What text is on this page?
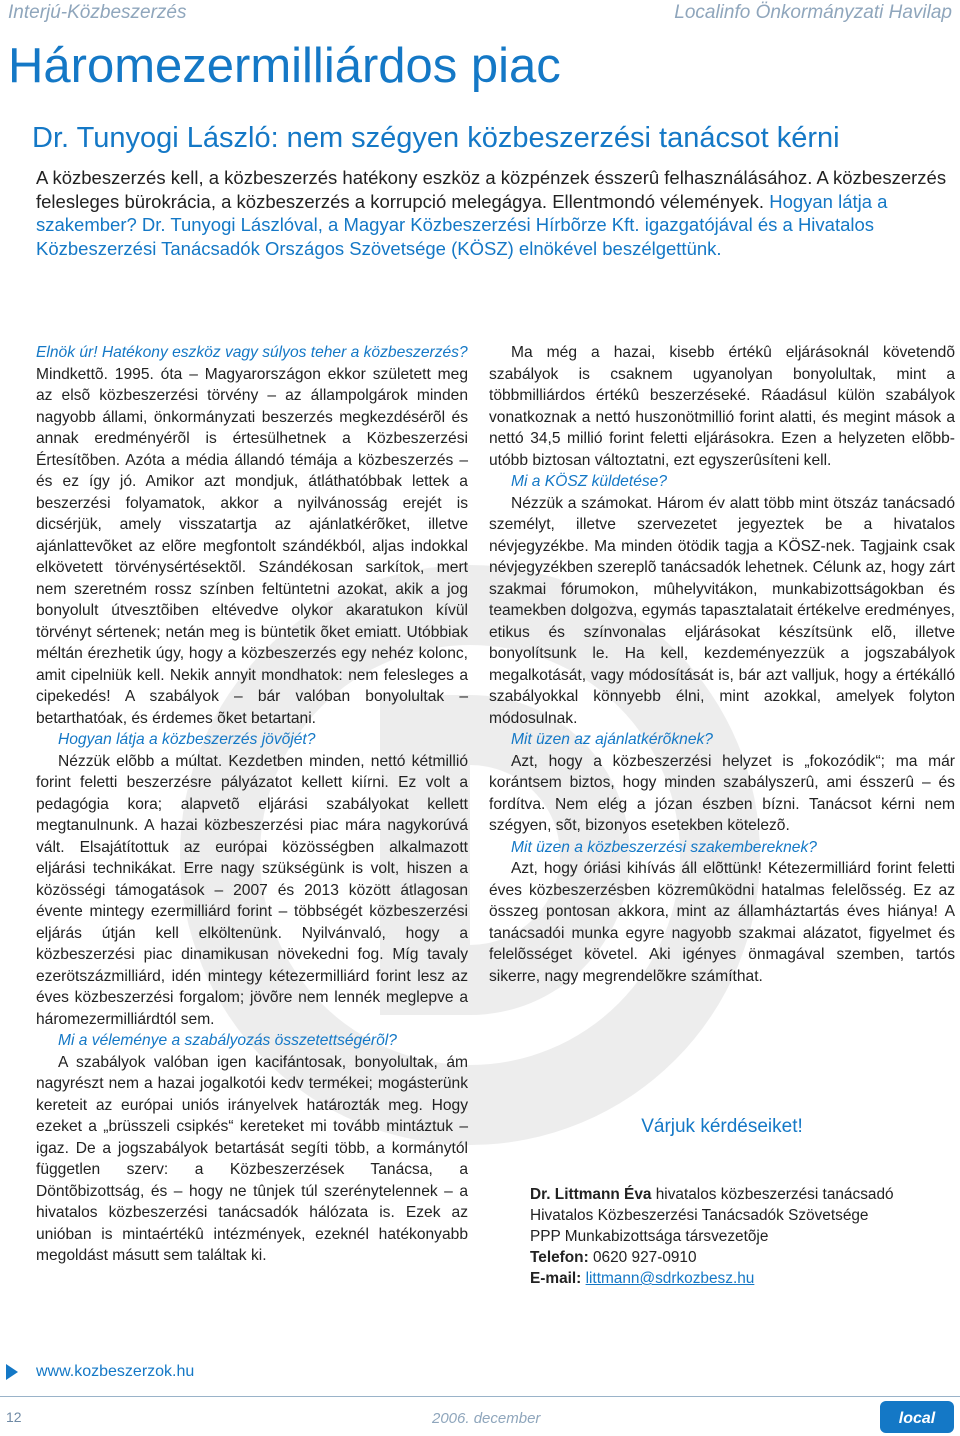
Interjú-Közbeszerzés	Localinfo Önkormányzati Havilap
Háromezermilliárdos piac
Dr. Tunyogi László: nem szégyen közbeszerzési tanácsot kérni
A közbeszerzés kell, a közbeszerzés hatékony eszköz a közpénzek ésszerû felhasználásához. A közbeszerzés felesleges bürokrácia, a közbeszerzés a korrupció melegágya. Ellentmondó vélemények. Hogyan látja a szakember? Dr. Tunyogi Lászlóval, a Magyar Közbeszerzési Hírbõrze Kft. igazgatójával és a Hivatalos Közbeszerzési Tanácsadók Országos Szövetsége (KÖSZ) elnökével beszélgettünk.
Elnök úr! Hatékony eszköz vagy súlyos teher a közbeszerzés?

Mindkettõ. 1995. óta – Magyarországon ekkor született meg az elsõ közbeszerzési törvény – az állampolgárok minden nagyobb állami, önkormányzati beszerzés megkezdésérõl és annak eredményérõl is értesülhetnek a Közbeszerzési Értesítõben. Azóta a média állandó témája a közbeszerzés – és ez így jó. Amikor azt mondjuk, átláthatóbbak lettek a beszerzési folyamatok, akkor a nyilvánosság erejét is dicsérjük, amely visszatartja az ajánlatkérõket, illetve ajánlattevõket az elõre megfontolt szándékból, aljas indokkal elkövetett törvénysértésektõl. Szándékosan sarkítok, mert nem szeretném rossz színben feltüntetni azokat, akik a jog bonyolult útvesztõiben eltévedve olykor akaratukon kívül törvényt sértenek; netán meg is büntetik õket emiatt. Utóbbiak méltán érezhetik úgy, hogy a közbeszerzés egy nehéz kolonc, amit cipelniük kell. Nekik annyit mondhatok: nem felesleges a cipekedés! A szabályok – bár valóban bonyolultak – betarthatóak, és érdemes õket betartani.

Hogyan látja a közbeszerzés jövõjét?

Nézzük elõbb a múltat. Kezdetben minden, nettó kétmillió forint feletti beszerzésre pályázatot kellett kiírni. Ez volt a pedagógia kora; alapvetõ eljárási szabályokat kellett megtanulnunk. A hazai közbeszerzési piac mára nagykorúvá vált. Elsajátítottuk az európai közösségben alkalmazott eljárási technikákat. Erre nagy szükségünk is volt, hiszen a közösségi támogatások – 2007 és 2013 között átlagosan évente mintegy ezermilliárd forint – többségét közbeszerzési eljárás útján kell elköltenünk. Nyilvánvaló, hogy a közbeszerzési piac dinamikusan növekedni fog. Míg tavaly ezerötszázmilliárd, idén mintegy kétezermilliárd forint lesz az éves közbeszerzési forgalom; jövõre nem lennék meglepve a háromezermilliárdtól sem.

Mi a véleménye a szabályozás összetettségérõl?

A szabályok valóban igen kacifántosak, bonyolultak, ám nagyrészt nem a hazai jogalkotói kedv termékei; mogásterünk kereteit az európai uniós irányelvek határozták meg. Hogy ezeket a „brüsszeli csipkés“ kereteket mi tovább mintáztuk – igaz. De a jogszabályok betartását segíti több, a kormánytól független szerv: a Közbeszerzések Tanácsa, a Döntõbizottság, és – hogy ne tûnjek túl szerénytelennek – a hivatalos közbeszerzési tanácsadók hálózata is. Ezek az unióban is mintaértékû intézmények, ezeknél hatékonyabb megoldást másutt sem találtak ki.

Ma még a hazai, kisebb értékû eljárásoknál követendõ szabályok is csaknem ugyanolyan bonyolultak, mint a többmilliárdos értékû beszerzéseké. Ráadásul külön szabályok vonatkoznak a nettó huszonötmillió forint alatti, és megint mások a nettó 34,5 millió forint feletti eljárásokra. Ezen a helyzeten elõbb-utóbb biztosan változtatni, ezt egyszerûsíteni kell.

Mi a KÖSZ küldetése?

Nézzük a számokat. Három év alatt több mint ötszáz tanácsadó személyt, illetve szervezetet jegyeztek be a hivatalos névjegyzékbe. Ma minden ötödik tagja a KÖSZ-nek. Tagjaink csak névjegyzékben szereplõ tanácsadók lehetnek. Célunk az, hogy zárt szakmai fórumokon, mûhelyvitákon, munkabizottságokban és teamekben dolgozva, egymás tapasztalatait értékelve eredményes, etikus és színvonalas eljárásokat készítsünk elõ, illetve bonyolítsunk le. Ha kell, kezdeményezzük a jogszabályok megalkotását, vagy módosítását is, bár azt valljuk, hogy a értékálló szabályokkal könnyebb élni, mint azokkal, amelyek folyton módosulnak.

Mit üzen az ajánlatkérõknek?

Azt, hogy a közbeszerzési helyzet is „fokozódik“; ma már korántsem biztos, hogy minden szabályszerû, ami ésszerû – és fordítva. Nem elég a józan észben bízni. Tanácsot kérni nem szégyen, sõt, bizonyos esetekben kötelezõ.

Mit üzen a közbeszerzési szakembereknek?

Azt, hogy óriási kihívás áll elõttünk! Kétezermilliárd forint feletti éves közbeszerzésben közremûködni hatalmas felelõsség. Ez az összeg pontosan akkora, mint az államháztartás éves hiánya! A tanácsadói munka egyre nagyobb szakmai alázatot, figyelmet és felelõsséget követel. Aki igényes önmagával szemben, tartós sikerre, nagy megrendelõkre számíthat.

Várjuk kérdéseiket!
Dr. Littmann Éva hivatalos közbeszerzési tanácsadó
Hivatalos Közbeszerzési Tanácsadók Szövetsége
PPP Munkabizottsága társvezetõje
Telefon: 0620 927-0910
E-mail: littmann@sdrkozbesz.hu
www.kozbeszerzok.hu
12	2006. december	local
